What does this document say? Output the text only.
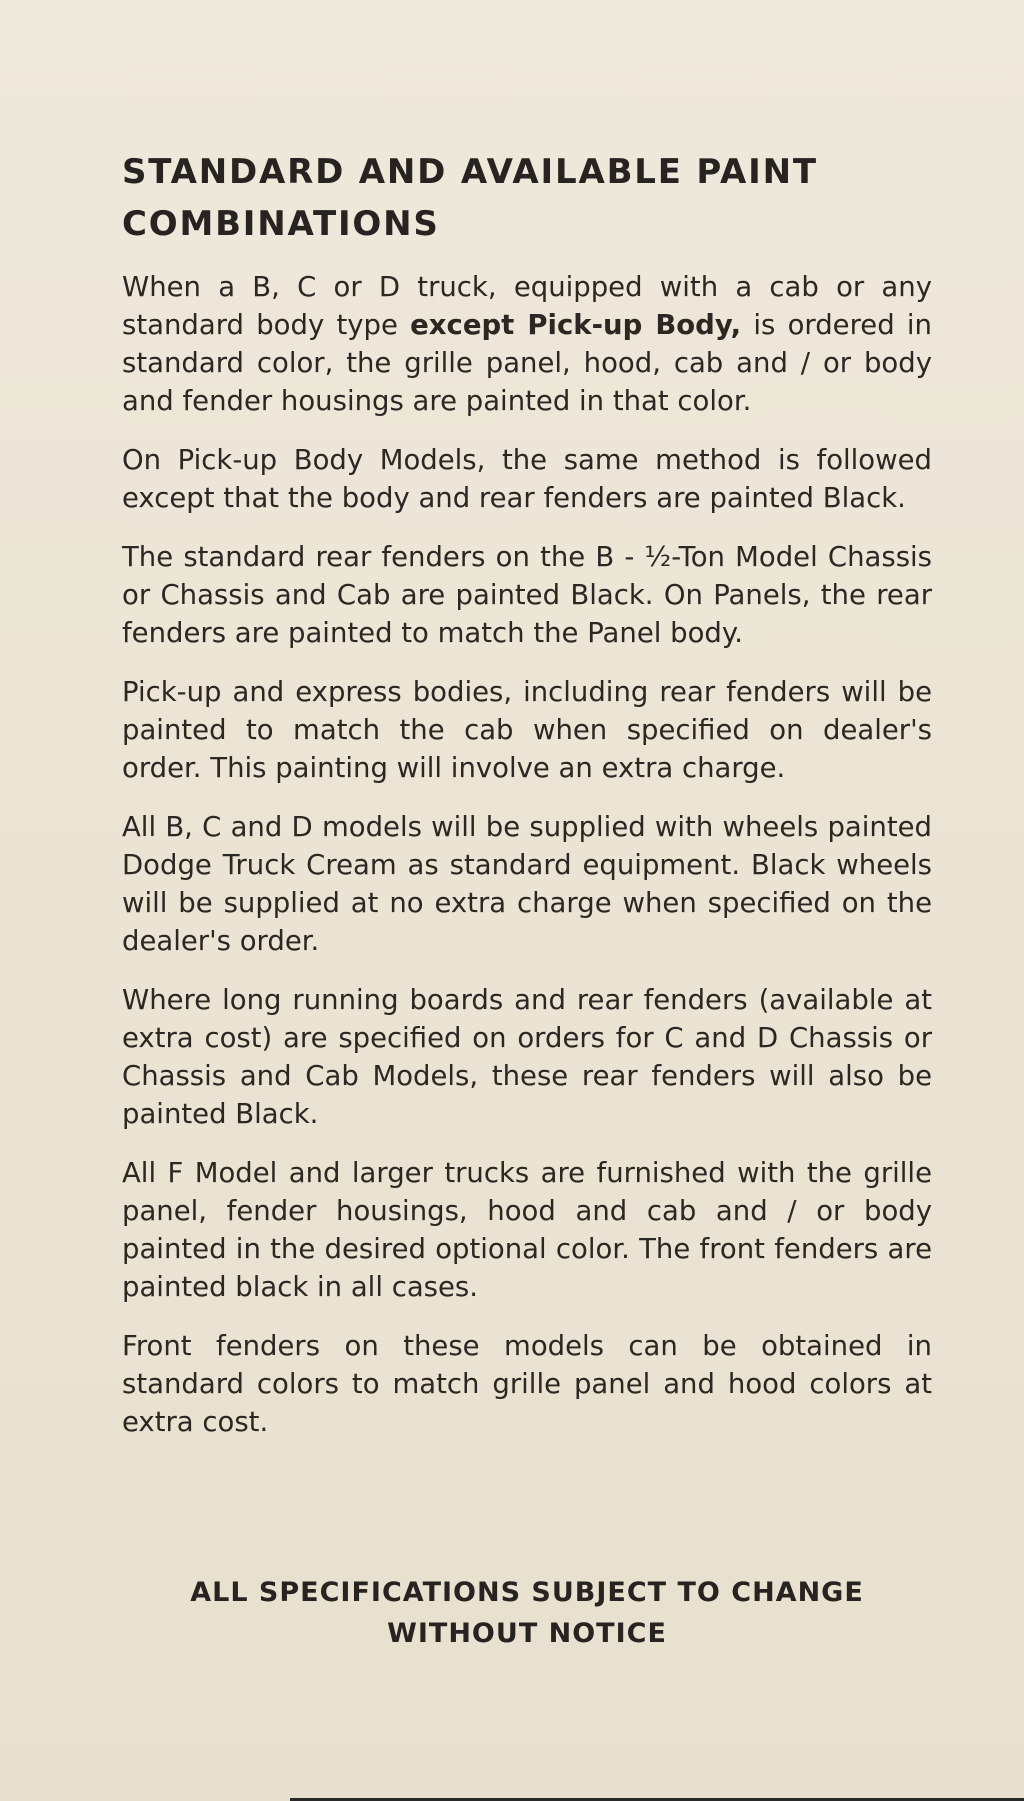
STANDARD AND AVAILABLE PAINT COMBINATIONS

When a B, C or D truck, equipped with a cab or any standard body type except Pick-up Body, is ordered in standard color, the grille panel, hood, cab and / or body and fender housings are painted in that color.

On Pick-up Body Models, the same method is followed except that the body and rear fenders are painted Black.

The standard rear fenders on the B - ½-Ton Model Chassis or Chassis and Cab are painted Black. On Panels, the rear fenders are painted to match the Panel body.

Pick-up and express bodies, including rear fenders will be painted to match the cab when specified on dealer's order. This painting will involve an extra charge.

All B, C and D models will be supplied with wheels painted Dodge Truck Cream as standard equipment. Black wheels will be supplied at no extra charge when specified on the dealer's order.

Where long running boards and rear fenders (available at extra cost) are specified on orders for C and D Chassis or Chassis and Cab Models, these rear fenders will also be painted Black.

All F Model and larger trucks are furnished with the grille panel, fender housings, hood and cab and / or body painted in the desired optional color. The front fenders are painted black in all cases.

Front fenders on these models can be obtained in standard colors to match grille panel and hood colors at extra cost.

ALL SPECIFICATIONS SUBJECT TO CHANGE
WITHOUT NOTICE
